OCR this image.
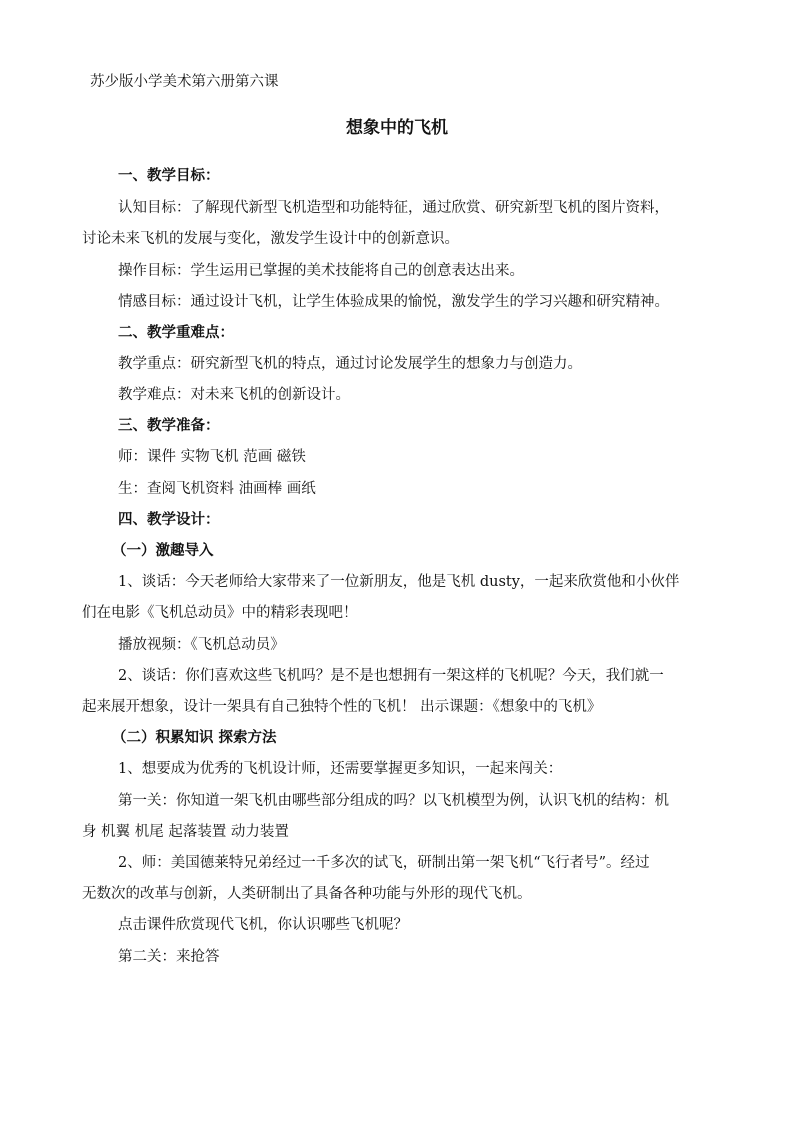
苏少版小学美术第六册第六课
想象中的飞机
一、教学目标：
认知目标：了解现代新型飞机造型和功能特征，通过欣赏、研究新型飞机的图片资料，
讨论未来飞机的发展与变化，激发学生设计中的创新意识。
操作目标：学生运用已掌握的美术技能将自己的创意表达出来。
情感目标：通过设计飞机，让学生体验成果的愉悦，激发学生的学习兴趣和研究精神。
二、教学重难点：
教学重点：研究新型飞机的特点，通过讨论发展学生的想象力与创造力。
教学难点：对未来飞机的创新设计。
三、教学准备：
师：课件 实物飞机 范画 磁铁
生：查阅飞机资料 油画棒 画纸
四、教学设计：
（一）激趣导入
1、谈话：今天老师给大家带来了一位新朋友，他是飞机 dusty，一起来欣赏他和小伙伴
们在电影《飞机总动员》中的精彩表现吧！
播放视频：《飞机总动员》
2、谈话：你们喜欢这些飞机吗？是不是也想拥有一架这样的飞机呢？今天，我们就一
起来展开想象，设计一架具有自己独特个性的飞机！ 出示课题：《想象中的飞机》
（二）积累知识 探索方法
1、想要成为优秀的飞机设计师，还需要掌握更多知识，一起来闯关：
第一关：你知道一架飞机由哪些部分组成的吗？以飞机模型为例，认识飞机的结构：机
身 机翼 机尾 起落装置 动力装置
2、师：美国德莱特兄弟经过一千多次的试飞，研制出第一架飞机“飞行者号”。经过
无数次的改革与创新，人类研制出了具备各种功能与外形的现代飞机。
点击课件欣赏现代飞机，你认识哪些飞机呢？
第二关：来抢答
